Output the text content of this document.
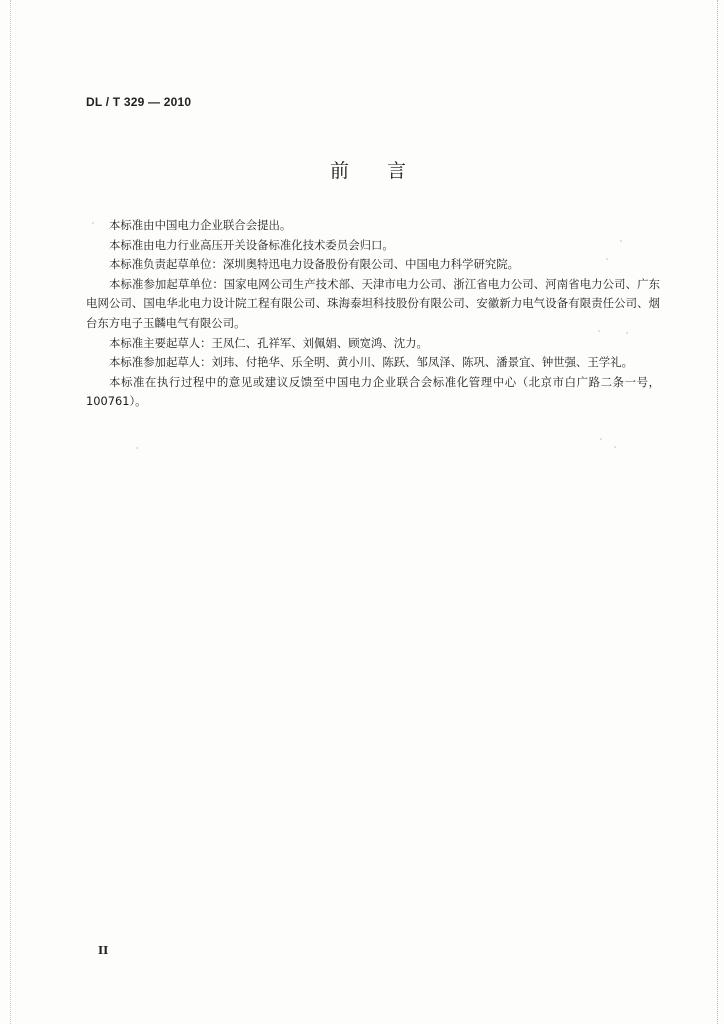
DL / T 329 — 2010
前言

本标准由中国电力企业联合会提出。

本标准由电力行业高压开关设备标准化技术委员会归口。

本标准负责起草单位：深圳奥特迅电力设备股份有限公司、中国电力科学研究院。

本标准参加起草单位：国家电网公司生产技术部、天津市电力公司、浙江省电力公司、河南省电力公司、广东电网公司、国电华北电力设计院工程有限公司、珠海泰坦科技股份有限公司、安徽新力电气设备有限责任公司、烟台东方电子玉麟电气有限公司。

本标准主要起草人：王凤仁、孔祥军、刘佩娟、顾宽鸿、沈力。

本标准参加起草人：刘玮、付艳华、乐全明、黄小川、陈跃、邹凤泽、陈巩、潘景宜、钟世强、王学礼。

本标准在执行过程中的意见或建议反馈至中国电力企业联合会标准化管理中心（北京市白广路二条一号，100761）。

II
